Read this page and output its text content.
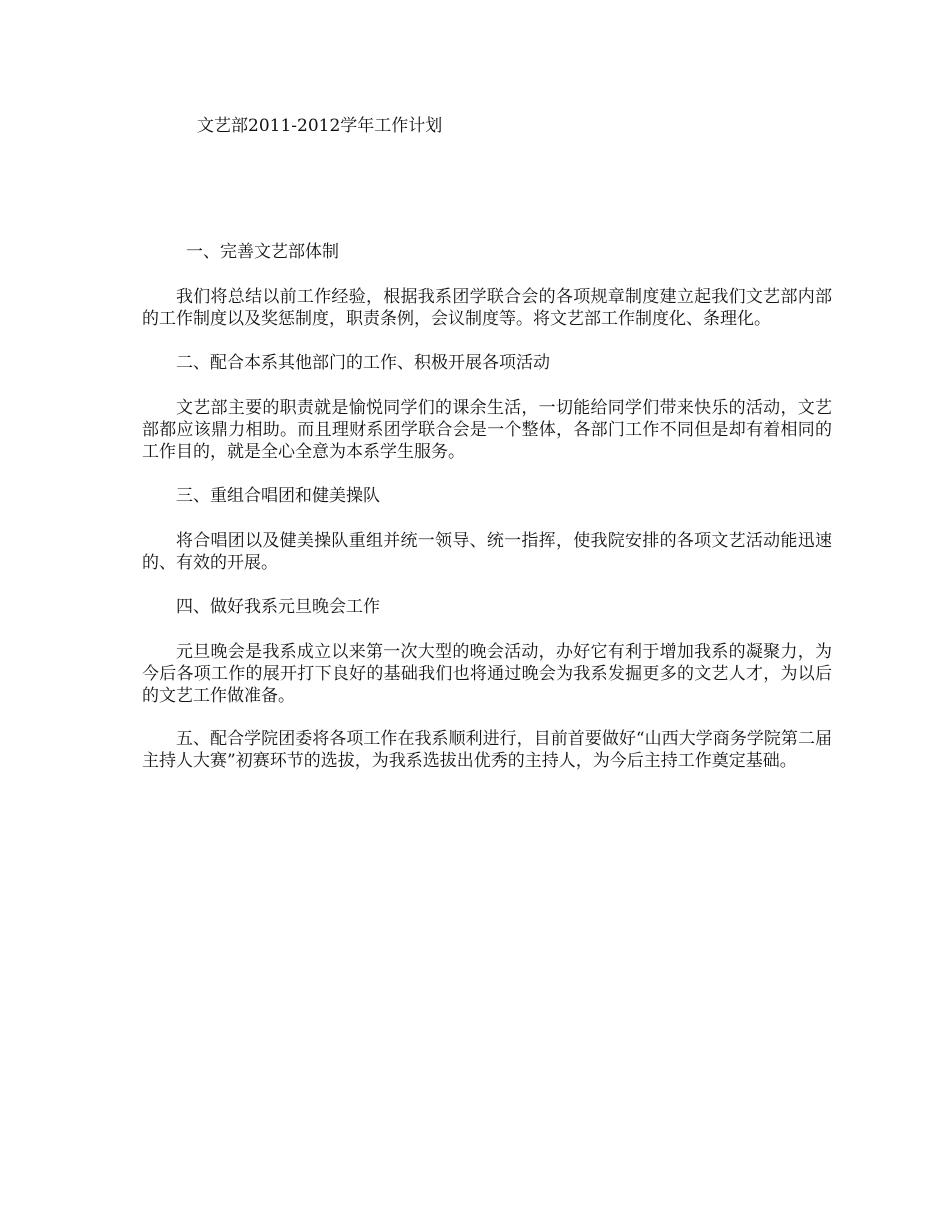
文艺部2011-2012学年工作计划
一、完善文艺部体制

我们将总结以前工作经验，根据我系团学联合会的各项规章制度建立起我们文艺部内部的工作制度以及奖惩制度，职责条例，会议制度等。将文艺部工作制度化、条理化。

二、配合本系其他部门的工作、积极开展各项活动

文艺部主要的职责就是愉悦同学们的课余生活，一切能给同学们带来快乐的活动，文艺部都应该鼎力相助。而且理财系团学联合会是一个整体，各部门工作不同但是却有着相同的工作目的，就是全心全意为本系学生服务。

三、重组合唱团和健美操队

将合唱团以及健美操队重组并统一领导、统一指挥，使我院安排的各项文艺活动能迅速的、有效的开展。

四、做好我系元旦晚会工作

元旦晚会是我系成立以来第一次大型的晚会活动，办好它有利于增加我系的凝聚力，为今后各项工作的展开打下良好的基础我们也将通过晚会为我系发掘更多的文艺人才，为以后的文艺工作做准备。

五、配合学院团委将各项工作在我系顺利进行，目前首要做好“山西大学商务学院第二届主持人大赛”初赛环节的选拔，为我系选拔出优秀的主持人，为今后主持工作奠定基础。
